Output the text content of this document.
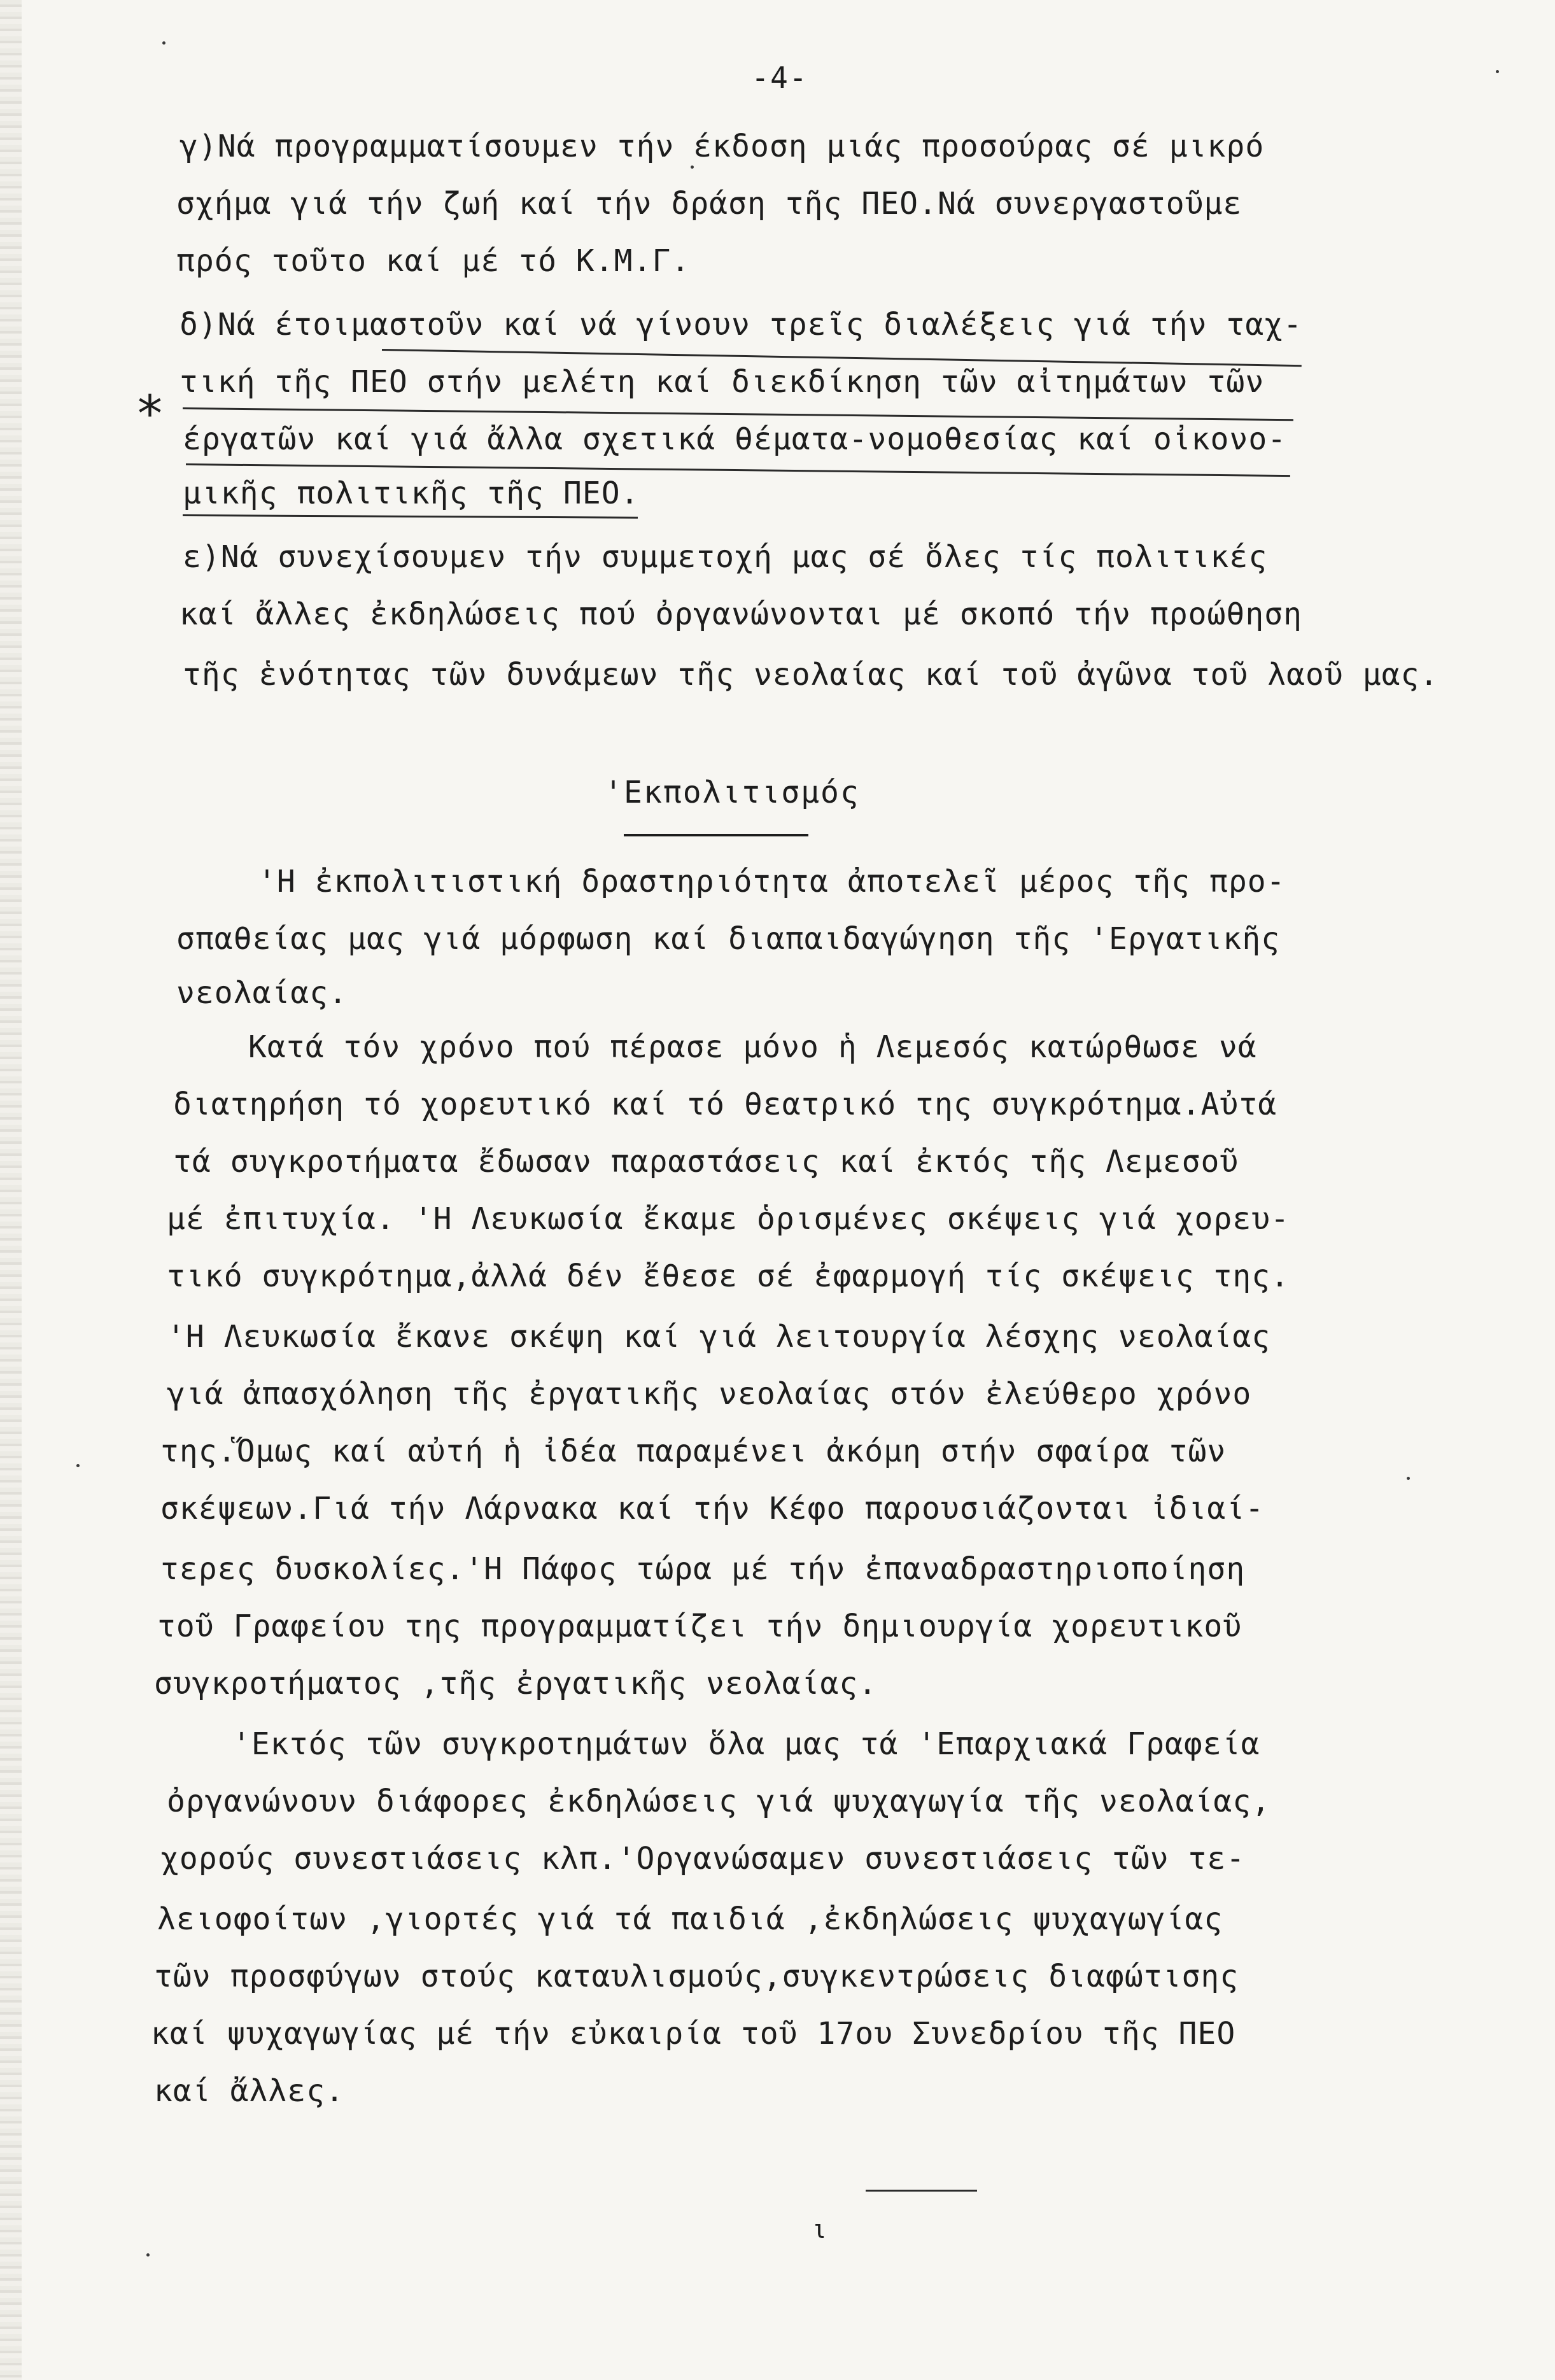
-4-
γ)Νά προγραμματίσουμεν τήν έκδοση μιάς προσούρας σέ μικρό
σχήμα γιά τήν ζωή καί τήν δράση τῆς ΠΕΟ.Νά συνεργαστοῦμε
πρός τοῦτο καί μέ τό Κ.Μ.Γ.
δ)Νά έτοιμαστοῦν καί νά γίνουν τρεῖς διαλέξεις γιά τήν ταχ-
τική τῆς ΠΕΟ στήν μελέτη καί διεκδίκηση τῶν αἰτημάτων τῶν
έργατῶν καί γιά ἄλλα σχετικά θέματα-νομοθεσίας καί οἰκονο-
μικῆς πολιτικῆς τῆς ΠΕΟ.
ε)Νά συνεχίσουμεν τήν συμμετοχή μας σέ ὅλες τίς πολιτικές
καί ἄλλες ἐκδηλώσεις πού ὀργανώνονται μέ σκοπό τήν προώθηση
τῆς ἑνότητας τῶν δυνάμεων τῆς νεολαίας καί τοῦ ἀγῶνα τοῦ λαοῦ μας.
*
'Εκπολιτισμός
'Η ἐκπολιτιστική δραστηριότητα ἀποτελεῖ μέρος τῆς προ-
σπαθείας μας γιά μόρφωση καί διαπαιδαγώγηση τῆς 'Εργατικῆς
νεολαίας.
Κατά τόν χρόνο πού πέρασε μόνο ἡ Λεμεσός κατώρθωσε νά
διατηρήση τό χορευτικό καί τό θεατρικό της συγκρότημα.Αὐτά
τά συγκροτήματα ἔδωσαν παραστάσεις καί ἐκτός τῆς Λεμεσοῦ
μέ ἐπιτυχία. 'Η Λευκωσία ἔκαμε ὁρισμένες σκέψεις γιά χορευ-
τικό συγκρότημα,ἀλλά δέν ἔθεσε σέ ἐφαρμογή τίς σκέψεις της.
'Η Λευκωσία ἔκανε σκέψη καί γιά λειτουργία λέσχης νεολαίας
γιά ἀπασχόληση τῆς ἐργατικῆς νεολαίας στόν ἐλεύθερο χρόνο
της.Ὅμως καί αὐτή ἡ ἰδέα παραμένει ἀκόμη στήν σφαίρα τῶν
σκέψεων.Γιά τήν Λάρνακα καί τήν Κέφο παρουσιάζονται ἰδιαί-
τερες δυσκολίες.'Η Πάφος τώρα μέ τήν ἐπαναδραστηριοποίηση
τοῦ Γραφείου της προγραμματίζει τήν δημιουργία χορευτικοῦ
συγκροτήματος ,τῆς ἐργατικῆς νεολαίας.
'Εκτός τῶν συγκροτημάτων ὅλα μας τά 'Επαρχιακά Γραφεία
ὀργανώνουν διάφορες ἐκδηλώσεις γιά ψυχαγωγία τῆς νεολαίας,
χορούς συνεστιάσεις κλπ.'Οργανώσαμεν συνεστιάσεις τῶν τε-
λειοφοίτων ,γιορτές γιά τά παιδιά ,ἐκδηλώσεις ψυχαγωγίας
τῶν προσφύγων στούς καταυλισμούς,συγκεντρώσεις διαφώτισης
καί ψυχαγωγίας μέ τήν εὐκαιρία τοῦ 17ου Συνεδρίου τῆς ΠΕΟ
καί ἄλλες.
ι
